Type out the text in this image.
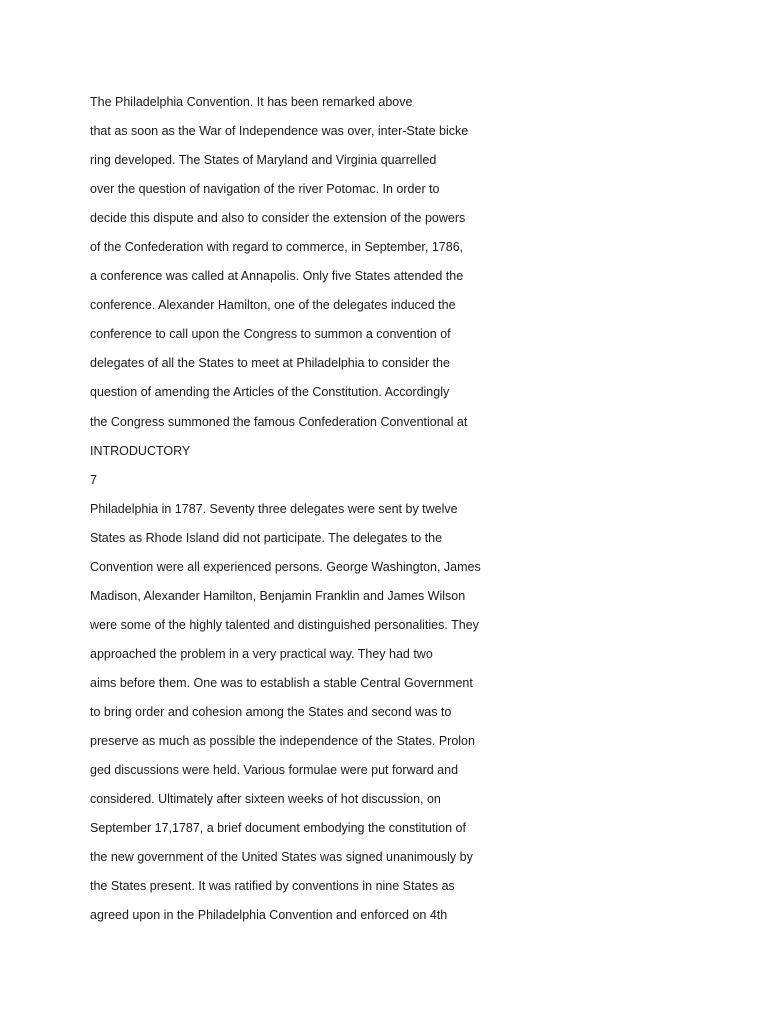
The Philadelphia Convention. It has been remarked above
that as soon as the War of Independence was over, inter-State bicke
ring developed. The States of Maryland and Virginia quarrelled
over the question of navigation of the river Potomac. In order to
decide this dispute and also to consider the extension of the powers
of the Confederation with regard to commerce, in September, 1786,
a conference was called at Annapolis. Only five States attended the
conference. Alexander Hamilton, one of the delegates induced the
conference to call upon the Congress to summon a convention of
delegates of all the States to meet at Philadelphia to consider the
question of amending the Articles of the Constitution. Accordingly
the Congress summoned the famous Confederation Conventional at
INTRODUCTORY
7
Philadelphia in 1787. Seventy three delegates were sent by twelve
States as Rhode Island did not participate. The delegates to the
Convention were all experienced persons. George Washington, James
Madison, Alexander Hamilton, Benjamin Franklin and James Wilson
were some of the highly talented and distinguished personalities. They
approached the problem in a very practical way. They had two
aims before them. One was to establish a stable Central Government
to bring order and cohesion among the States and second was to
preserve as much as possible the independence of the States. Prolon
ged discussions were held. Various formulae were put forward and
considered. Ultimately after sixteen weeks of hot discussion, on
September 17,1787, a brief document embodying the constitution of
the new government of the United States was signed unanimously by
the States present. It was ratified by conventions in nine States as
agreed upon in the Philadelphia Convention and enforced on 4th
